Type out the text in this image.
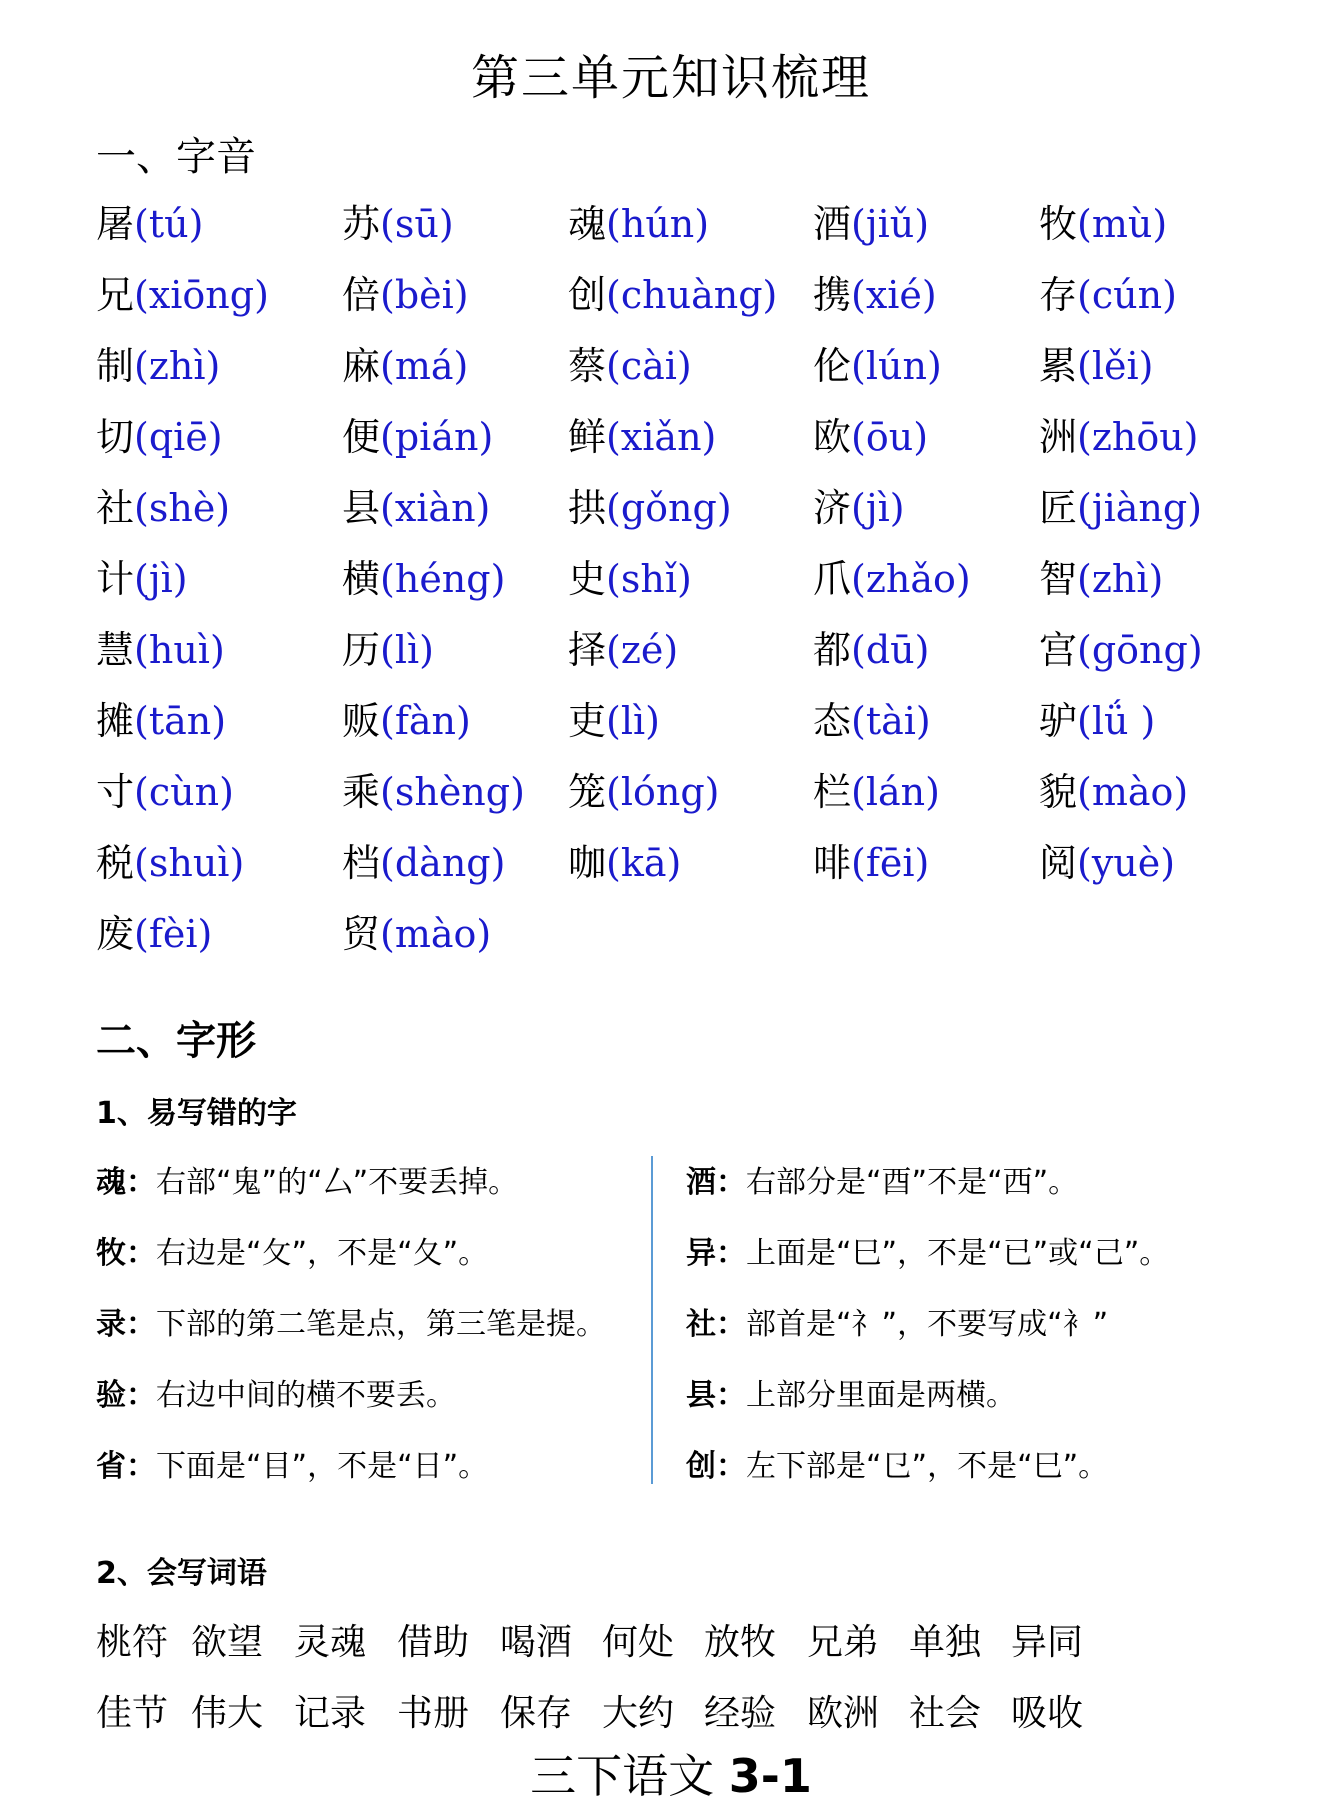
第三单元知识梳理
一、字音
屠(tú)	苏(sū)	魂(hún)	酒(jiǔ)	牧(mù)
兄(xiōng) 倍(bèi)	创(chuàng) 携(xié)	存(cún)
制(zhì)	麻(má)	蔡(cài)	伦(lún)	累(lěi)
切(qiē)	便(pián) 鲜(xiǎn)	欧(ōu)	洲(zhōu)
社(shè)	县(xiàn) 拱(gǒng) 济(jì)	匠(jiàng)
计(jì)	横(héng) 史(shǐ)	爪(zhǎo) 智(zhì)
慧(huì)	历(lì)	择(zé)	都(dū)	宫(gōng)
摊(tān)	贩(fàn)	吏(lì)	态(tài)	驴(lǘ )
寸(cùn)	乘(shèng) 笼(lóng) 栏(lán)	貌(mào)
税(shuì)	档(dàng) 咖(kā)	啡(fēi)	阅(yuè)
废(fèi)	贸(mào)
二、字形
1、易写错的字
魂：右部“鬼”的“厶”不要丢掉。
牧：右边是“攵”，不是“夂”。
录：下部的第二笔是点，第三笔是提。
验：右边中间的横不要丢。
省：下面是“目”，不是“日”。
酒：右部分是“酉”不是“西”。
异：上面是“巳”，不是“已”或“己”。
社：部首是“礻”，不要写成“衤”
县：上部分里面是两横。
创：左下部是“㔾”，不是“巳”。
2、会写词语
桃符 欲望 灵魂 借助 喝酒 何处 放牧 兄弟 单独 异同
佳节 伟大 记录 书册 保存 大约 经验 欧洲 社会 吸收
三下语文 3-1
